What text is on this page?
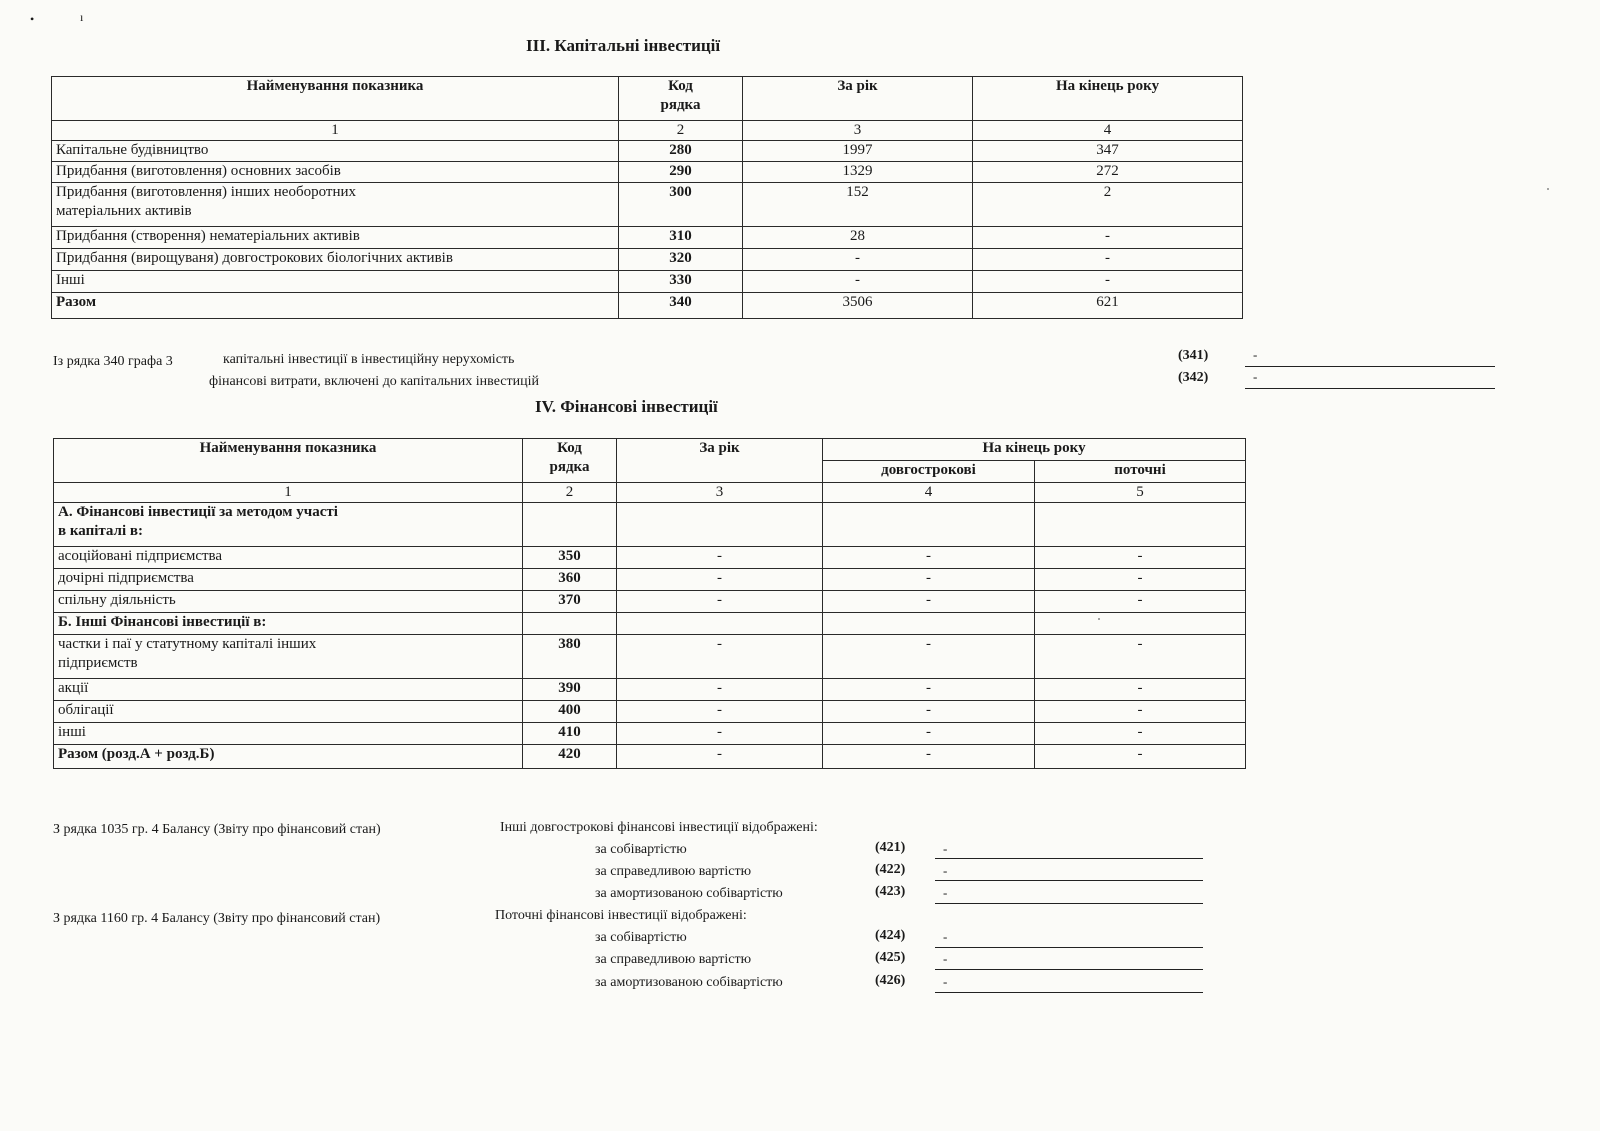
•	ı
ІІІ. Капітальні інвестиції
Найменування показника	Код рядка	За рік	На кінець року
1	2	3	4
Капітальне будівництво	280	1997	347
Придбання (виготовлення) основних засобів	290	1329	272
Придбання (виготовлення) інших необоротних матеріальних активів	300	152	2
Придбання (створення) нематеріальних активів	310	28	-
Придбання (вирощуваня) довгострокових біологічних активів	320	-	-
Інші	330	-	-
Разом	340	3506	621
Із рядка 340 графа 3	капітальні інвестиції в інвестиційну нерухомість	(341)	-
фінансові витрати, включені до капітальних інвестицій	(342)	-
IV. Фінансові інвестиції
Найменування показника	Код рядка	За рік	На кінець року	
			довгострокові	поточні
1	2	3	4	5
А. Фінансові інвестиції за методом участі в капіталі в:				
асоційовані підприємства	350	-	-	-
дочірні підприємства	360	-	-	-
спільну діяльність	370	-	-	-
Б. Інші Фінансові інвестиції в:				
частки і паї у статутному капіталі інших підприємств	380	-	-	-
акції	390	-	-	-
облігації	400	-	-	-
інші	410	-	-	-
Разом (розд.А + розд.Б)	420	-	-	-
З рядка 1035 гр. 4 Балансу (Звіту про фінансовий стан)	Інші довгострокові фінансові інвестиції відображені:
за собівартістю	(421)	-
за справедливою вартістю	(422)	-
за амортизованою собівартістю	(423)	-
З рядка 1160 гр. 4 Балансу (Звіту про фінансовий стан)	Поточні фінансові інвестиції відображені:
за собівартістю	(424)	-
за справедливою вартістю	(425)	-
за амортизованою собівартістю	(426)	-
